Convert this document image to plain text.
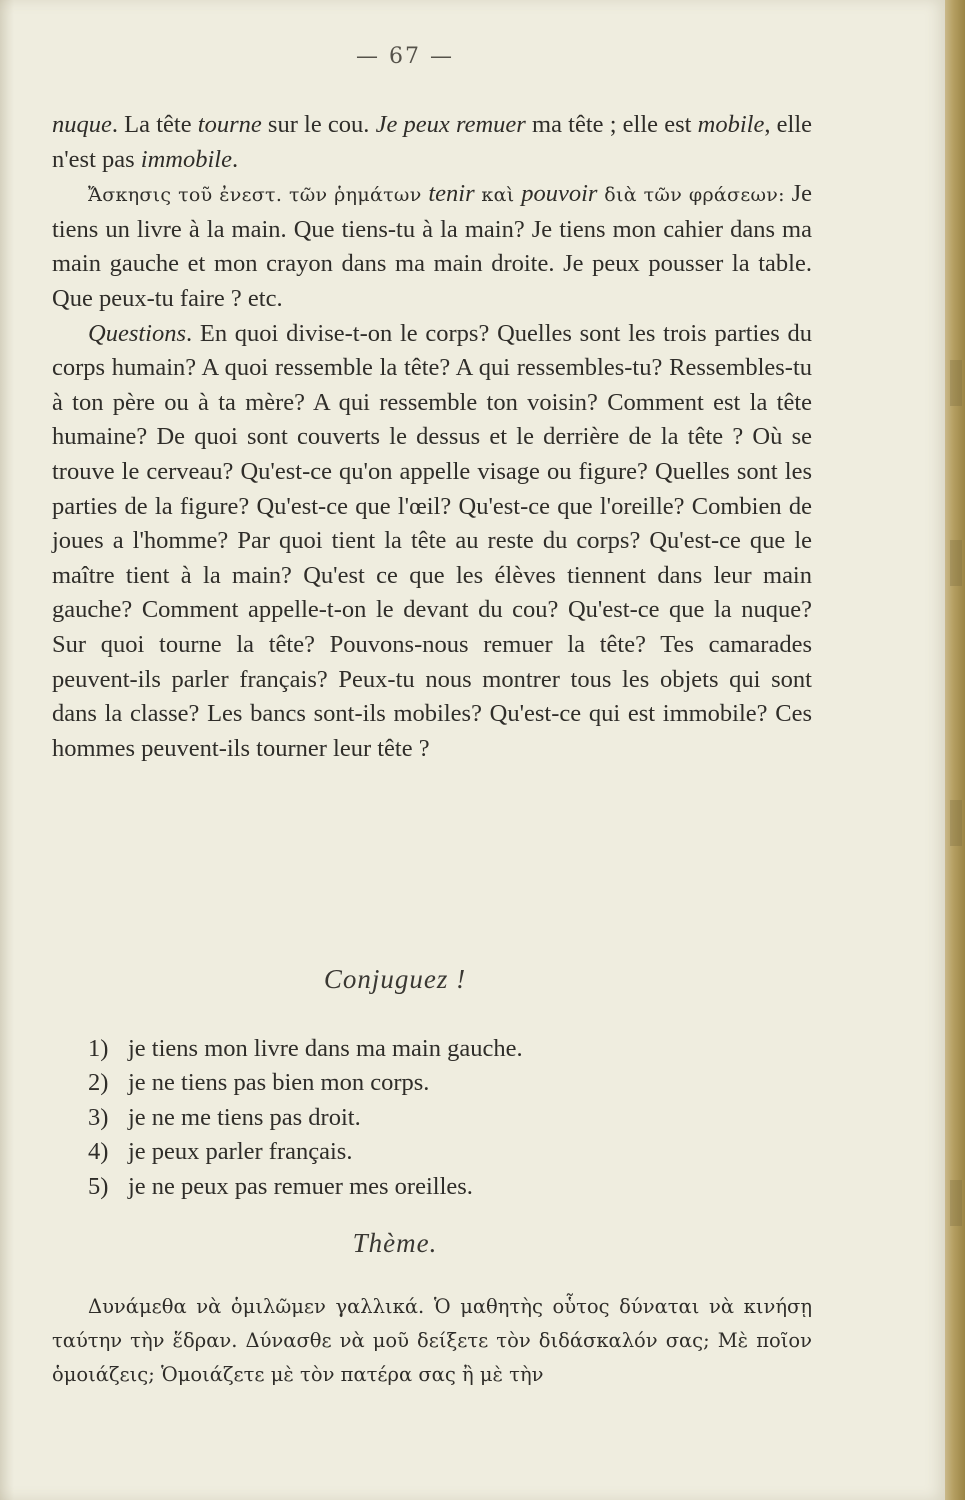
— 67 —

nuque. La tête tourne sur le cou. Je peux remuer ma tête ; elle est mobile, elle n'est pas immobile.

Ἄσκησις τοῦ ἐνεστ. τῶν ῥημάτων tenir καὶ pouvoir διὰ τῶν φράσεων: Je tiens un livre à la main. Que tiens-tu à la main? Je tiens mon cahier dans ma main gauche et mon crayon dans ma main droite. Je peux pousser la table. Que peux-tu faire ? etc.

Questions. En quoi divise-t-on le corps? Quelles sont les trois parties du corps humain? A quoi ressemble la tête? A qui ressembles-tu? Ressembles-tu à ton père ou à ta mère? A qui ressemble ton voisin? Comment est la tête humaine? De quoi sont couverts le dessus et le derrière de la tête ? Où se trouve le cerveau? Qu'est-ce qu'on appelle visage ou figure? Quelles sont les parties de la figure? Qu'est-ce que l'œil? Qu'est-ce que l'oreille? Combien de joues a l'homme? Par quoi tient la tête au reste du corps? Qu'est-ce que le maître tient à la main? Qu'est ce que les élèves tiennent dans leur main gauche? Comment appelle-t-on le devant du cou? Qu'est-ce que la nuque? Sur quoi tourne la tête? Pouvons-nous remuer la tête? Tes camarades peuvent-ils parler français? Peux-tu nous montrer tous les objets qui sont dans la classe? Les bancs sont-ils mobiles? Qu'est-ce qui est immobile? Ces hommes peuvent-ils tourner leur tête ?

Conjuguez !
1) je tiens mon livre dans ma main gauche.
2) je ne tiens pas bien mon corps.
3) je ne me tiens pas droit.
4) je peux parler français.
5) je ne peux pas remuer mes oreilles.
Thème.

Δυνάμεθα νὰ ὁμιλῶμεν γαλλικά. Ὁ μαθητὴς οὗτος δύναται νὰ κινήσῃ ταύτην τὴν ἕδραν. Δύνασθε νὰ μοῦ δείξετε τὸν διδάσκαλόν σας; Μὲ ποῖον ὁμοιάζεις; Ὁμοιάζετε μὲ τὸν πατέρα σας ἢ μὲ τὴν
